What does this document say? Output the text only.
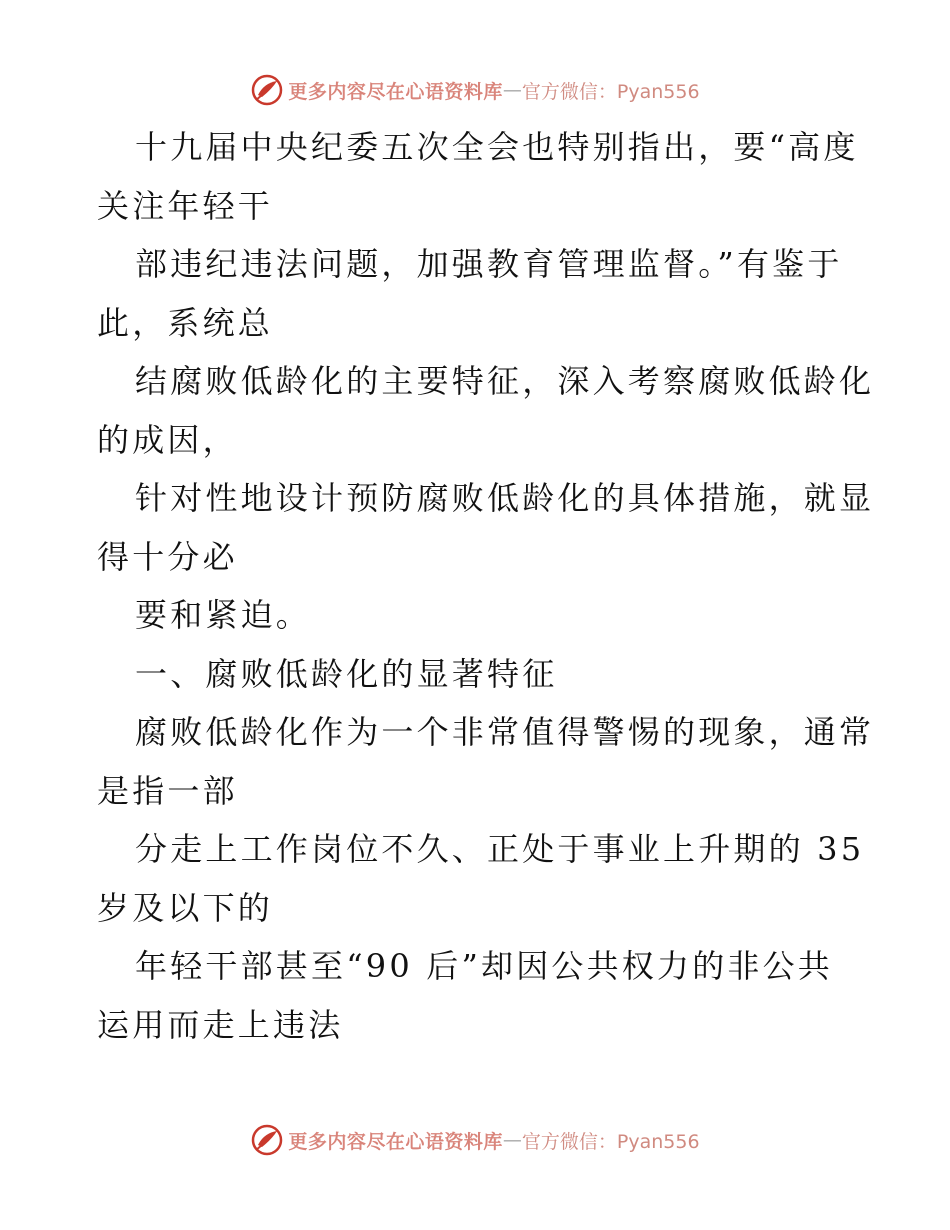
更多内容尽在心语资料库 — 官方微信：Pyan556
十九届中央纪委五次全会也特别指出，要“高度
关注年轻干
部违纪违法问题，加强教育管理监督。”有鉴于
此，系统总
结腐败低龄化的主要特征，深入考察腐败低龄化
的成因，
针对性地设计预防腐败低龄化的具体措施，就显
得十分必
要和紧迫。
一、腐败低龄化的显著特征
腐败低龄化作为一个非常值得警惕的现象，通常
是指一部
分走上工作岗位不久、正处于事业上升期的 35
岁及以下的
年轻干部甚至“90 后”却因公共权力的非公共
运用而走上违法
更多内容尽在心语资料库 — 官方微信：Pyan556
